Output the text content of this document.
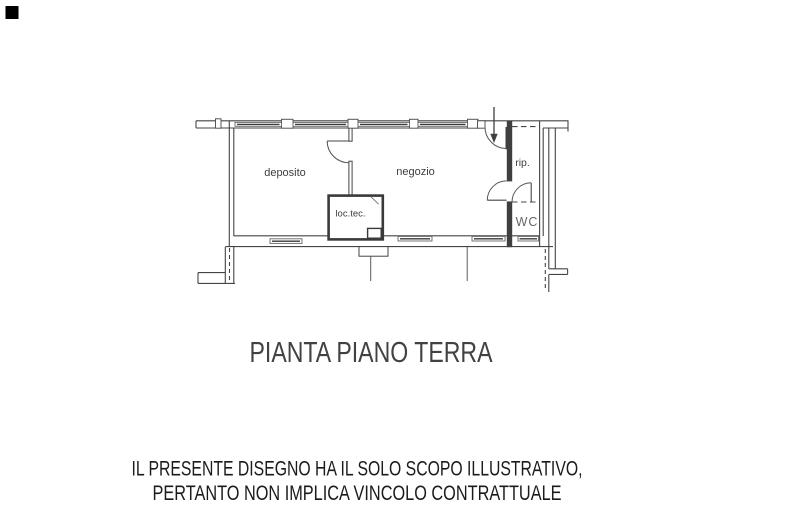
deposito	negozio
loc.tec.
rip.
WC
PIANTA PIANO TERRA
IL PRESENTE DISEGNO HA IL SOLO SCOPO ILLUSTRATIVO,
PERTANTO NON IMPLICA VINCOLO CONTRATTUALE
